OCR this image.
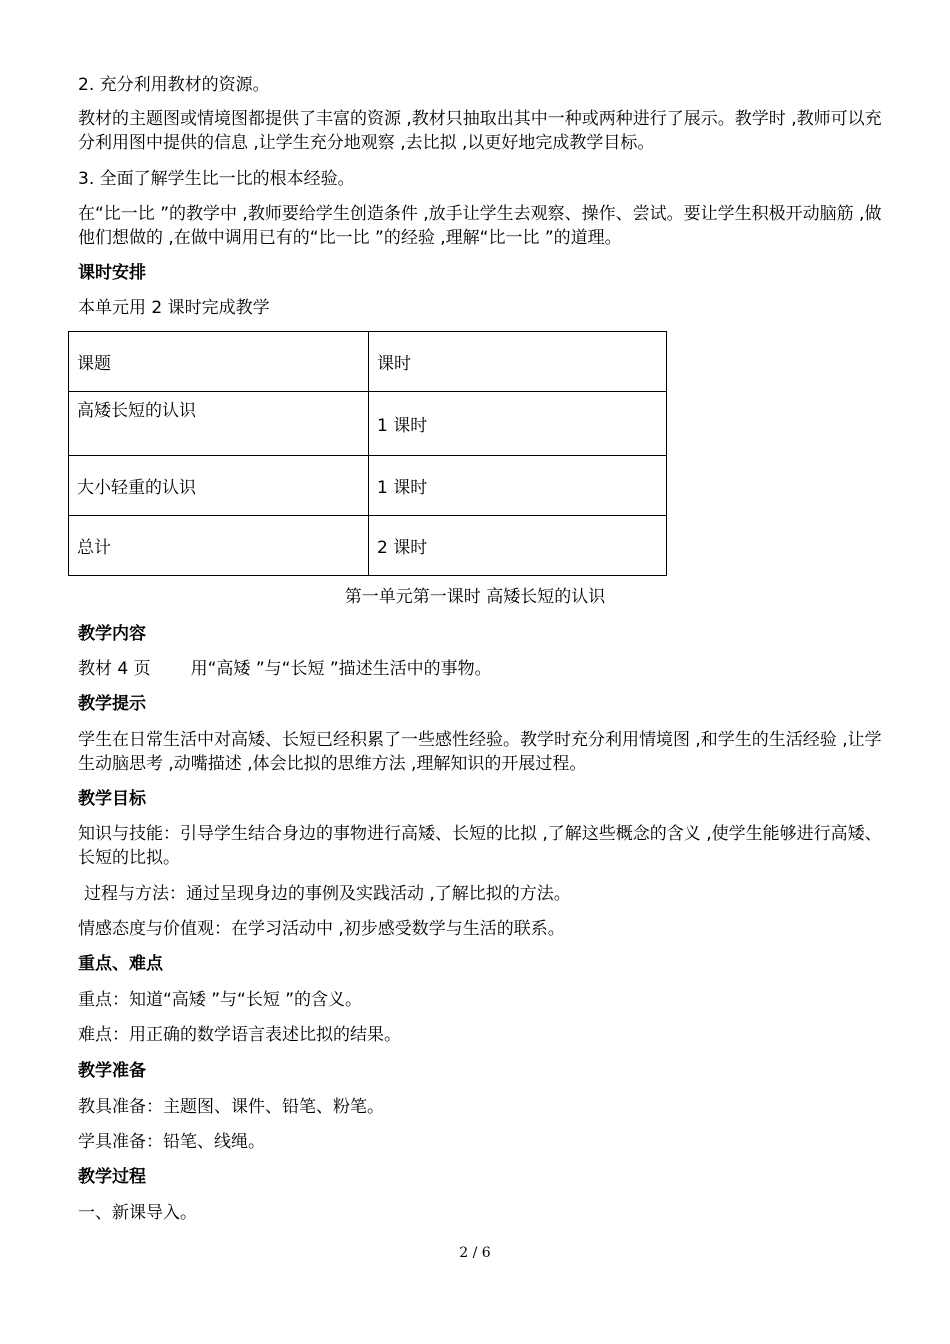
2. 充分利用教材的资源。
教材的主题图或情境图都提供了丰富的资源 ,教材只抽取出其中一种或两种进行了展示。教学时 ,教师可以充分利用图中提供的信息 ,让学生充分地观察 ,去比拟 ,以更好地完成教学目标。
3. 全面了解学生比一比的根本经验。
在“比一比 ”的教学中 ,教师要给学生创造条件 ,放手让学生去观察、操作、尝试。要让学生积极开动脑筋 ,做他们想做的 ,在做中调用已有的“比一比 ”的经验 ,理解“比一比 ”的道理。
课时安排
本单元用 2 课时完成教学
课题	课时
高矮长短的认识	1 课时
大小轻重的认识	1 课时
总计	2 课时
第一单元第一课时 高矮长短的认识
教学内容
教材 4 页 用“高矮 ”与“长短 ”描述生活中的事物。
教学提示
学生在日常生活中对高矮、长短已经积累了一些感性经验。教学时充分利用情境图 ,和学生的生活经验 ,让学生动脑思考 ,动嘴描述 ,体会比拟的思维方法 ,理解知识的开展过程。
教学目标
知识与技能：引导学生结合身边的事物进行高矮、长短的比拟 ,了解这些概念的含义 ,使学生能够进行高矮、长短的比拟。
过程与方法：通过呈现身边的事例及实践活动 ,了解比拟的方法。
情感态度与价值观：在学习活动中 ,初步感受数学与生活的联系。
重点、难点
重点：知道“高矮 ”与“长短 ”的含义。
难点：用正确的数学语言表述比拟的结果。
教学准备
教具准备：主题图、课件、铅笔、粉笔。
学具准备：铅笔、线绳。
教学过程
一、新课导入。
2 / 6
